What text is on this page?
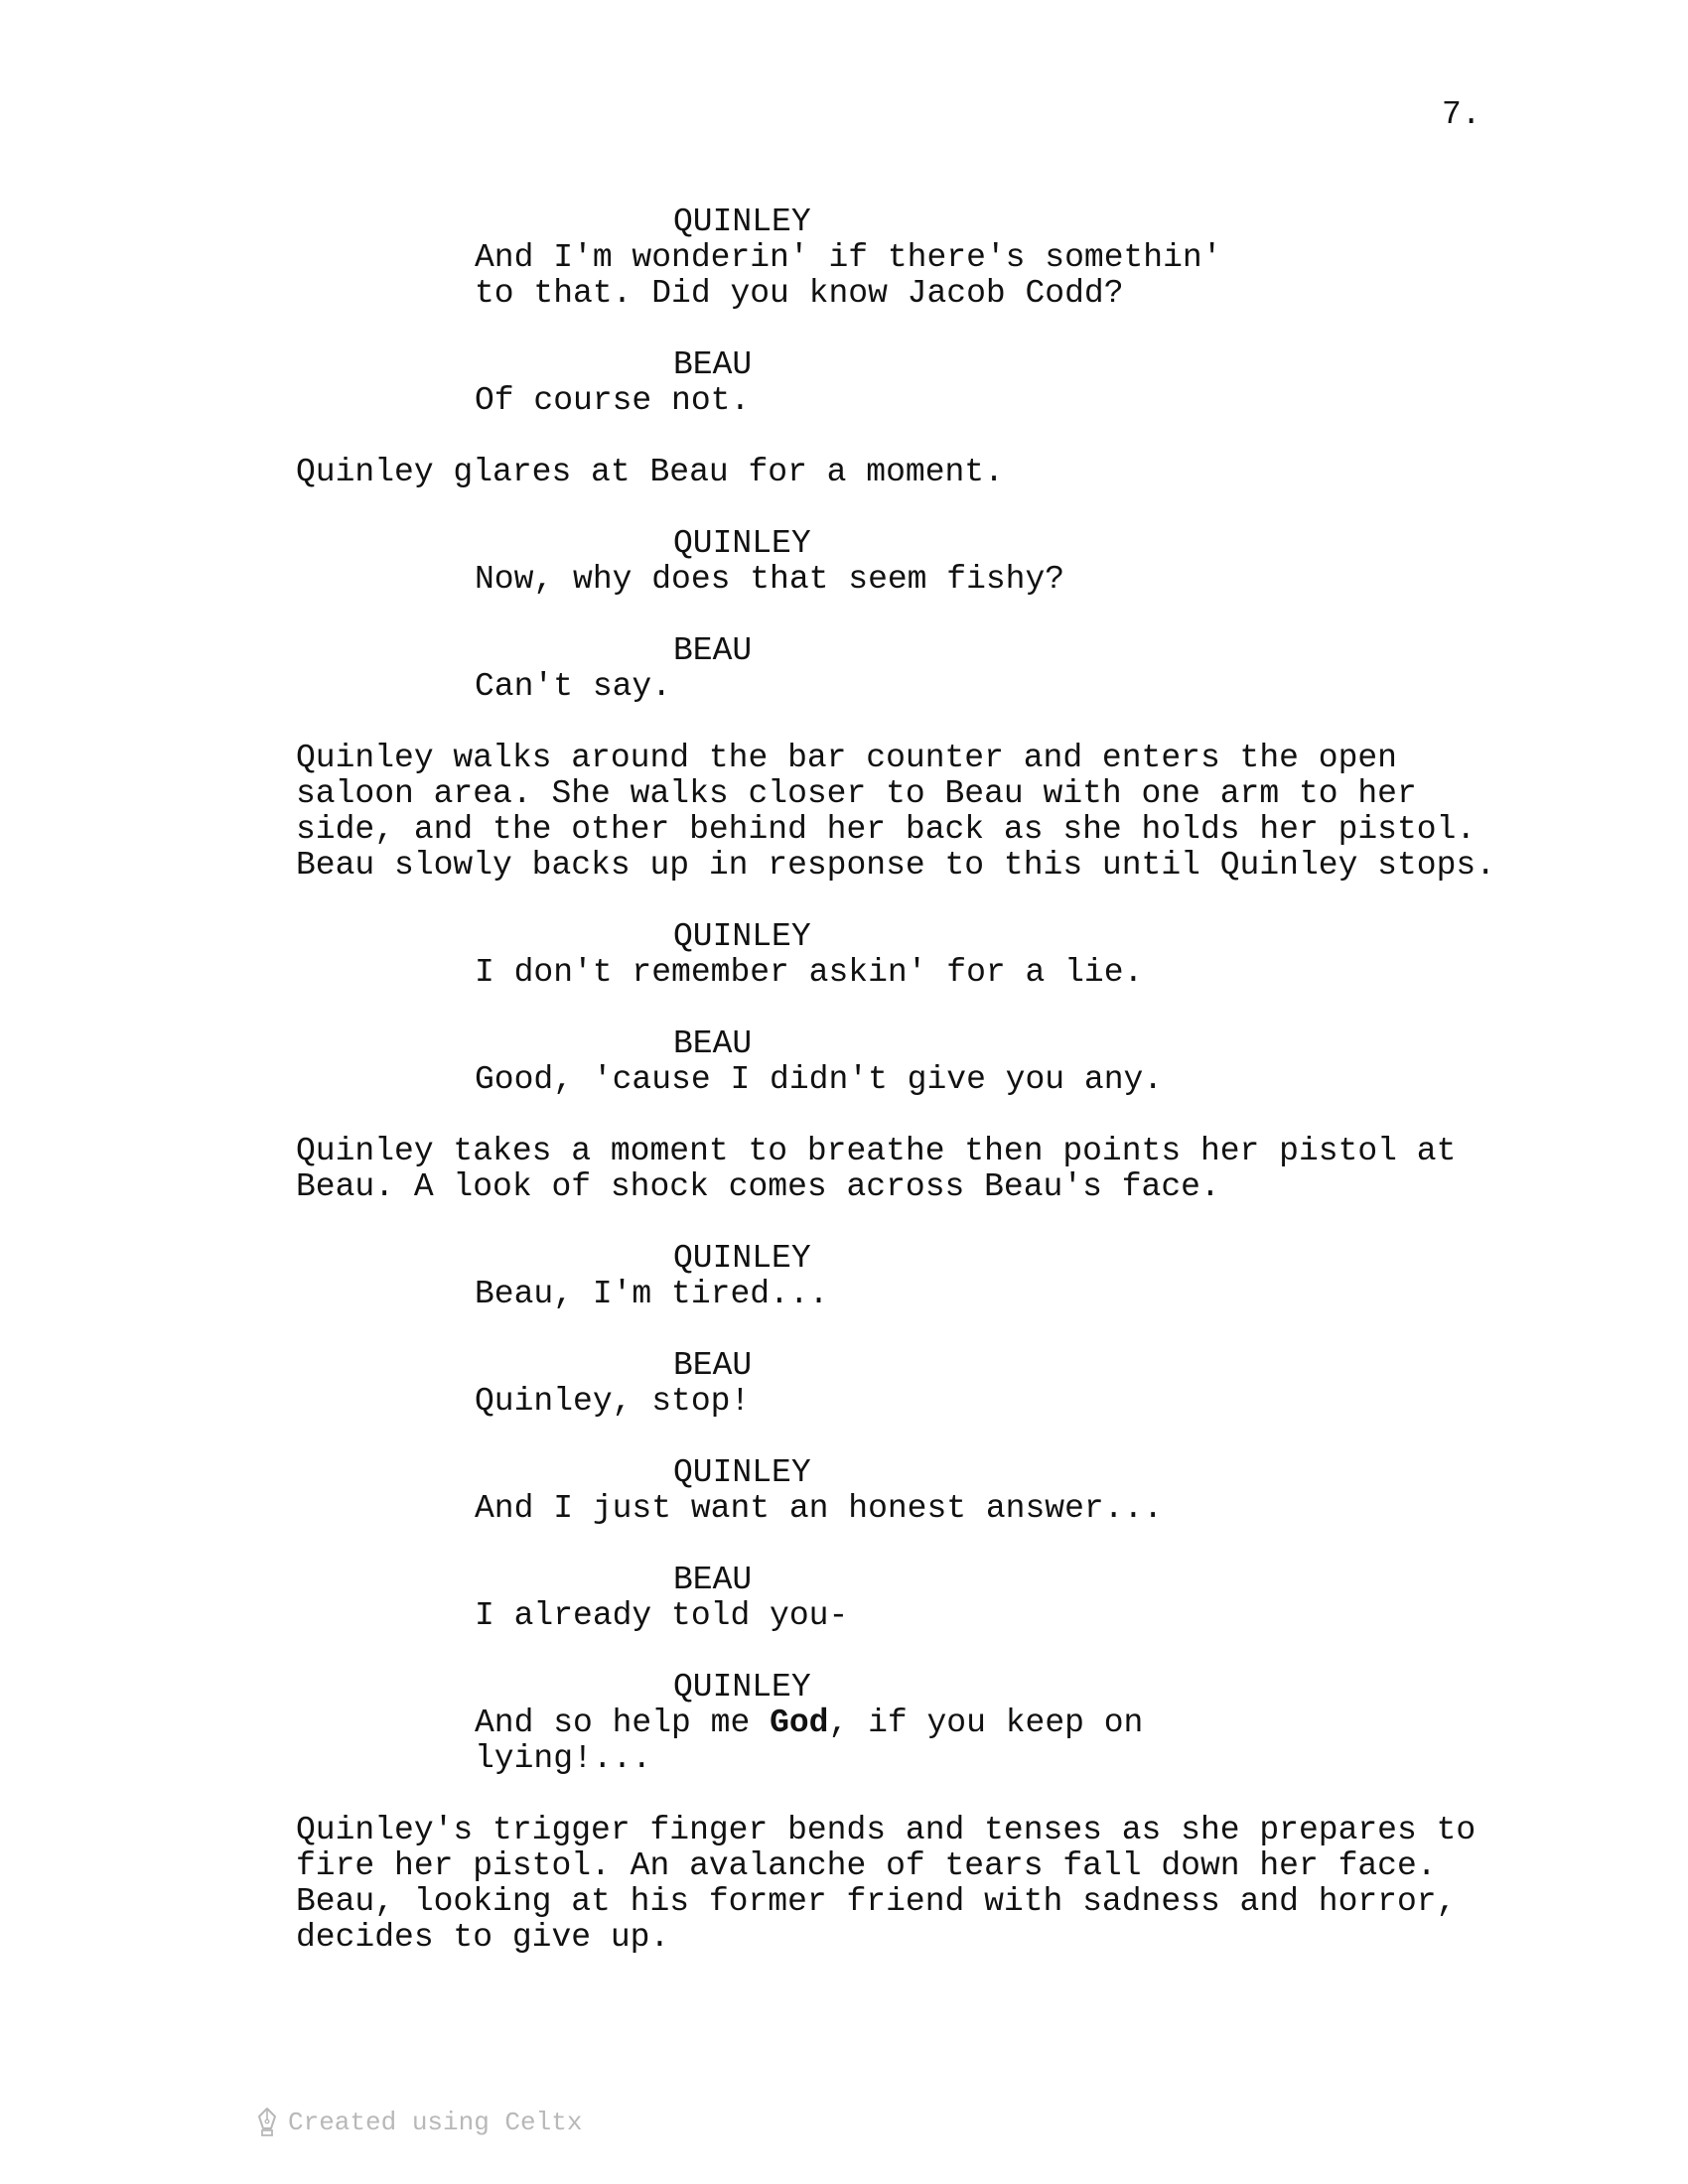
7.
QUINLEY
And I'm wonderin' if there's somethin'
to that. Did you know Jacob Codd?
BEAU
Of course not.
Quinley glares at Beau for a moment.
QUINLEY
Now, why does that seem fishy?
BEAU
Can't say.
Quinley walks around the bar counter and enters the open
saloon area. She walks closer to Beau with one arm to her
side, and the other behind her back as she holds her pistol.
Beau slowly backs up in response to this until Quinley stops.
QUINLEY
I don't remember askin' for a lie.
BEAU
Good, 'cause I didn't give you any.
Quinley takes a moment to breathe then points her pistol at
Beau. A look of shock comes across Beau's face.
QUINLEY
Beau, I'm tired...
BEAU
Quinley, stop!
QUINLEY
And I just want an honest answer...
BEAU
I already told you-
QUINLEY
And so help me God, if you keep on
lying!...
Quinley's trigger finger bends and tenses as she prepares to
fire her pistol. An avalanche of tears fall down her face.
Beau, looking at his former friend with sadness and horror,
decides to give up.
Created using Celtx
